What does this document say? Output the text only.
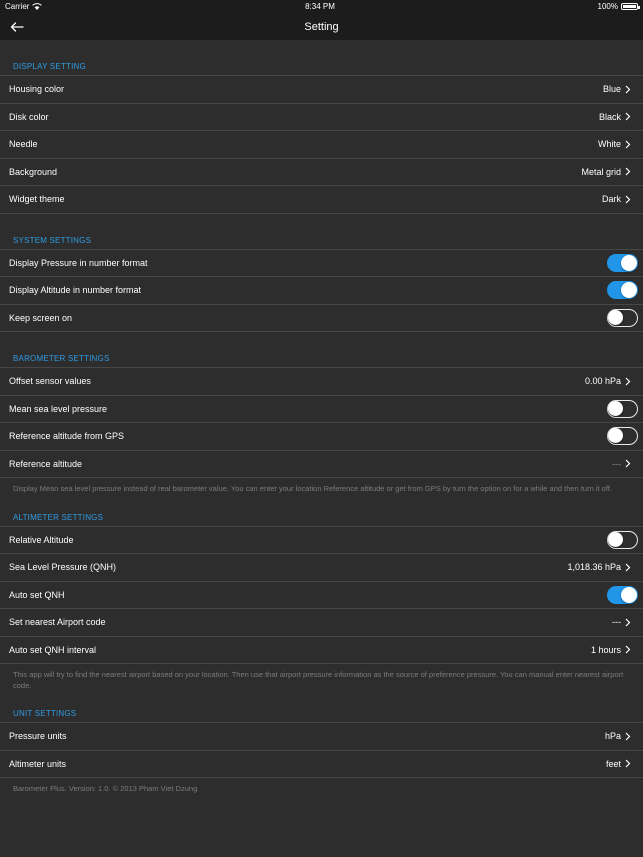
Carrier	8:34 PM	100%
Setting
DISPLAY SETTING
Housing color	Blue
Disk color	Black
Needle	White
Background	Metal grid
Widget theme	Dark
SYSTEM SETTINGS
Display Pressure in number format
Display Altitude in number format
Keep screen on
BAROMETER SETTINGS
Offset sensor values	0.00 hPa
Mean sea level pressure
Reference altitude from GPS
Reference altitude	---
Display Mean sea level pressure instead of real barometer value. You can enter your location Reference altitude or get from GPS by turn the option on for a while and then turn it off.
ALTIMETER SETTINGS
Relative Altitude
Sea Level Pressure (QNH)	1,018.36 hPa
Auto set QNH
Set nearest Airport code	---
Auto set QNH interval	1 hours
This app will try to find the nearest airport based on your location. Then use that airport pressure information as the source of preference pressure. You can manual enter nearest airport code.
UNIT SETTINGS
Pressure units	hPa
Altimeter units	feet
Barometer Plus. Version: 1.0. © 2013 Pham Viet Dzung
